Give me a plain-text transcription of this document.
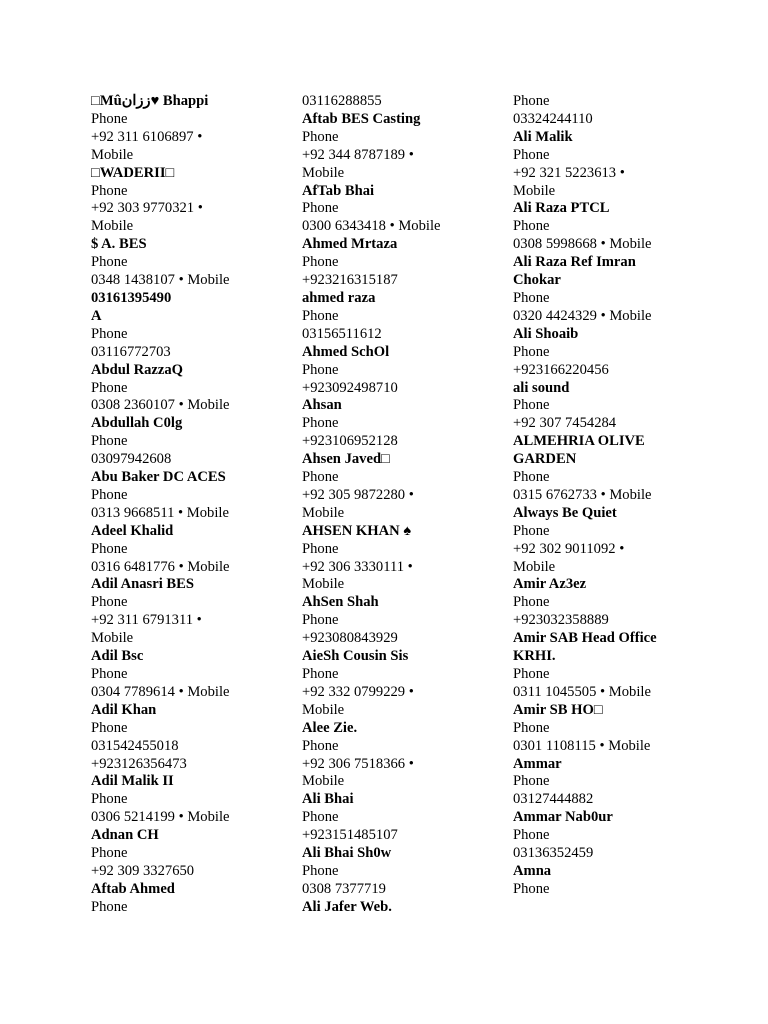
□Mûززان♥ Bhappi
Phone
+92 311 6106897 •
Mobile
□WADERII□
Phone
+92 303 9770321 •
Mobile
$ A. BES
Phone
0348 1438107 • Mobile
03161395490
A
Phone
03116772703
Abdul RazzaQ
Phone
0308 2360107 • Mobile
Abdullah C0lg
Phone
03097942608
Abu Baker DC ACES
Phone
0313 9668511 • Mobile
Adeel Khalid
Phone
0316 6481776 • Mobile
Adil Anasri BES
Phone
+92 311 6791311 •
Mobile
Adil Bsc
Phone
0304 7789614 • Mobile
Adil Khan
Phone
031542455018
+923126356473
Adil Malik II
Phone
0306 5214199 • Mobile
Adnan CH
Phone
+92 309 3327650
Aftab Ahmed
Phone
03116288855
Aftab BES Casting
Phone
+92 344 8787189 •
Mobile
AfTab Bhai
Phone
0300 6343418 • Mobile
Ahmed Mrtaza
Phone
+923216315187
ahmed raza
Phone
03156511612
Ahmed SchOl
Phone
+923092498710
Ahsan
Phone
+923106952128
Ahsen Javed□
Phone
+92 305 9872280 •
Mobile
AHSEN KHAN ♠
Phone
+92 306 3330111 •
Mobile
AhSen Shah
Phone
+923080843929
AieSh Cousin Sis
Phone
+92 332 0799229 •
Mobile
Alee Zie.
Phone
+92 306 7518366 •
Mobile
Ali Bhai
Phone
+923151485107
Ali Bhai Sh0w
Phone
0308 7377719
Ali Jafer Web.
Phone
03324244110
Ali Malik
Phone
+92 321 5223613 •
Mobile
Ali Raza PTCL
Phone
0308 5998668 • Mobile
Ali Raza Ref Imran
Chokar
Phone
0320 4424329 • Mobile
Ali Shoaib
Phone
+923166220456
ali sound
Phone
+92 307 7454284
ALMEHRIA OLIVE
GARDEN
Phone
0315 6762733 • Mobile
Always Be Quiet
Phone
+92 302 9011092 •
Mobile
Amir Az3ez
Phone
+923032358889
Amir SAB Head Office
KRHI.
Phone
0311 1045505 • Mobile
Amir SB HO□
Phone
0301 1108115 • Mobile
Ammar
Phone
03127444882
Ammar Nab0ur
Phone
03136352459
Amna
Phone
